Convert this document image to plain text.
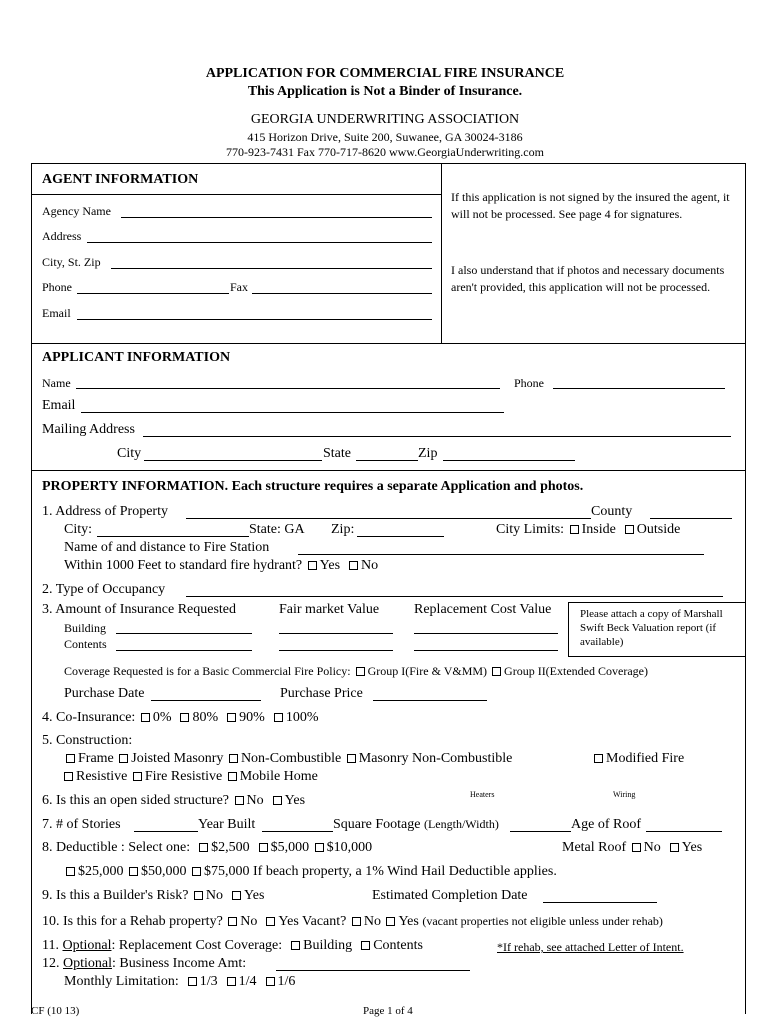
APPLICATION FOR COMMERCIAL FIRE INSURANCE
This Application is Not a Binder of Insurance.
GEORGIA UNDERWRITING ASSOCIATION
415 Horizon Drive, Suite 200, Suwanee, GA 30024-3186
770-923-7431 Fax 770-717-8620 www.GeorgiaUnderwriting.com
AGENT INFORMATION
Agency Name
Address
City, St. Zip
Phone	Fax
Email
If this application is not signed by the insured the agent, it will not be processed. See page 4 for signatures.
I also understand that if photos and necessary documents aren't provided, this application will not be processed.
APPLICANT INFORMATION
Name	Phone
Email
Mailing Address
City	State	Zip
PROPERTY INFORMATION. Each structure requires a separate Application and photos.
1. Address of Property	County
City:	State: GA Zip:	City Limits: Inside Outside
Name of and distance to Fire Station
Within 1000 Feet to standard fire hydrant? Yes No
2. Type of Occupancy
3. Amount of Insurance Requested	Fair market Value Replacement Cost Value	Please attach a copy of Marshall Swift Beck Valuation report (if available)
Building
Contents
Coverage Requested is for a Basic Commercial Fire Policy: Group I(Fire & V&MM) Group II(Extended Coverage)
Purchase Date	Purchase Price
4. Co-Insurance: 0% 80% 90% 100%
5. Construction:
Frame Joisted Masonry Non-Combustible Masonry Non-Combustible	Modified Fire
Resistive Fire Resistive Mobile Home
6. Is this an open sided structure? No Yes	Heaters	Wiring
7. # of Stories	Year Built	Square Footage (Length/Width)	Age of Roof
8. Deductible : Select one: $2,500 $5,000 $10,000	Metal Roof No Yes
$25,000 $50,000 $75,000 If beach property, a 1% Wind Hail Deductible applies.
9. Is this a Builder's Risk? No Yes	Estimated Completion Date
10. Is this for a Rehab property? No Yes Vacant? No Yes (vacant properties not eligible unless under rehab)
11. Optional: Replacement Cost Coverage: Building Contents	*If rehab, see attached Letter of Intent.
12. Optional: Business Income Amt:
Monthly Limitation: 1/3 1/4 1/6
CF (10 13)	Page 1 of 4
